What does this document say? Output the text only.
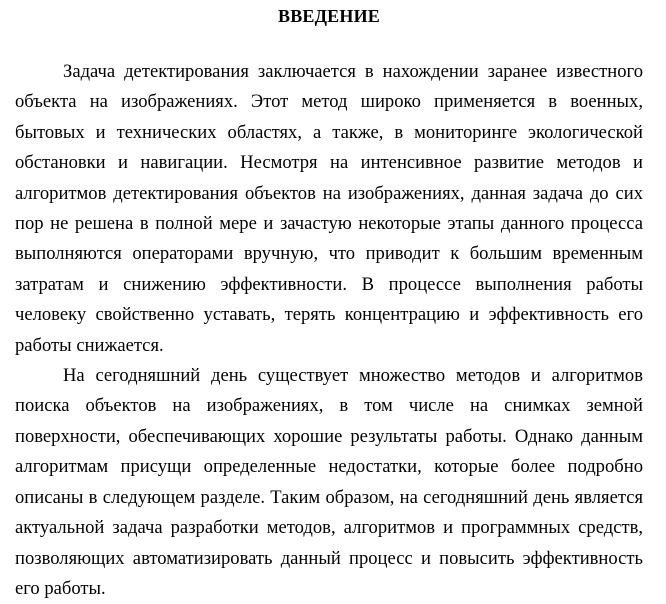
ВВЕДЕНИЕ

Задача детектирования заключается в нахождении заранее известного объекта на изображениях. Этот метод широко применяется в военных, бытовых и технических областях, а также, в мониторинге экологической обстановки и навигации. Несмотря на интенсивное развитие методов и алгоритмов детектирования объектов на изображениях, данная задача до сих пор не решена в полной мере и зачастую некоторые этапы данного процесса выполняются операторами вручную, что приводит к большим временным затратам и снижению эффективности. В процессе выполнения работы человеку свойственно уставать, терять концентрацию и эффективность его работы снижается.

На сегодняшний день существует множество методов и алгоритмов поиска объектов на изображениях, в том числе на снимках земной поверхности, обеспечивающих хорошие результаты работы. Однако данным алгоритмам присущи определенные недостатки, которые более подробно описаны в следующем разделе. Таким образом, на сегодняшний день является актуальной задача разработки методов, алгоритмов и программных средств, позволяющих автоматизировать данный процесс и повысить эффективность его работы.
